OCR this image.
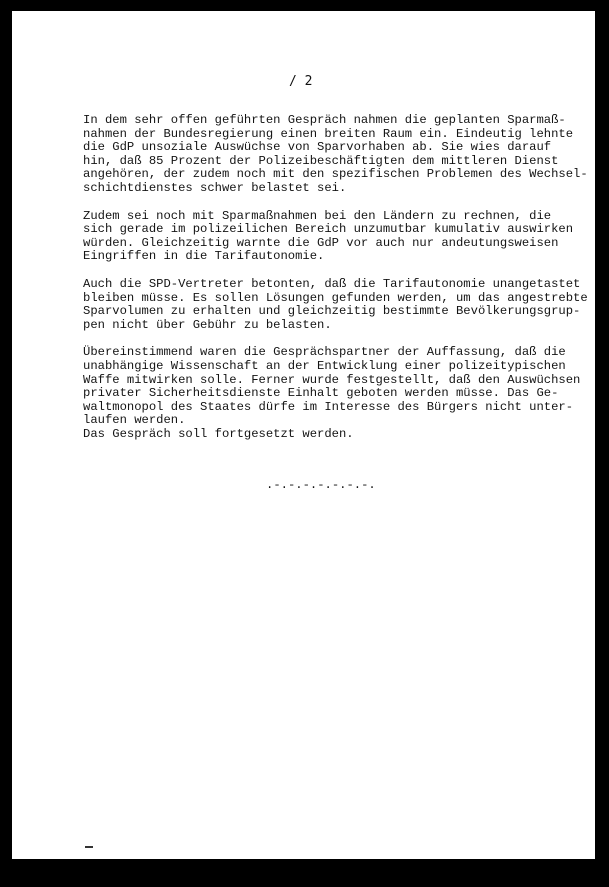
/ 2
In dem sehr offen geführten Gespräch nahmen die geplanten Sparmaß-
nahmen der Bundesregierung einen breiten Raum ein. Eindeutig lehnte
die GdP unsoziale Auswüchse von Sparvorhaben ab. Sie wies darauf
hin, daß 85 Prozent der Polizeibeschäftigten dem mittleren Dienst
angehören, der zudem noch mit den spezifischen Problemen des Wechsel-
schichtdienstes schwer belastet sei.
Zudem sei noch mit Sparmaßnahmen bei den Ländern zu rechnen, die
sich gerade im polizeilichen Bereich unzumutbar kumulativ auswirken
würden. Gleichzeitig warnte die GdP vor auch nur andeutungsweisen
Eingriffen in die Tarifautonomie.
Auch die SPD-Vertreter betonten, daß die Tarifautonomie unangetastet
bleiben müsse. Es sollen Lösungen gefunden werden, um das angestrebte
Sparvolumen zu erhalten und gleichzeitig bestimmte Bevölkerungsgrup-
pen nicht über Gebühr zu belasten.
Übereinstimmend waren die Gesprächspartner der Auffassung, daß die
unabhängige Wissenschaft an der Entwicklung einer polizeitypischen
Waffe mitwirken solle. Ferner wurde festgestellt, daß den Auswüchsen
privater Sicherheitsdienste Einhalt geboten werden müsse. Das Ge-
waltmonopol des Staates dürfe im Interesse des Bürgers nicht unter-
laufen werden.
Das Gespräch soll fortgesetzt werden.
.-.-.-.-.-.-.-.
